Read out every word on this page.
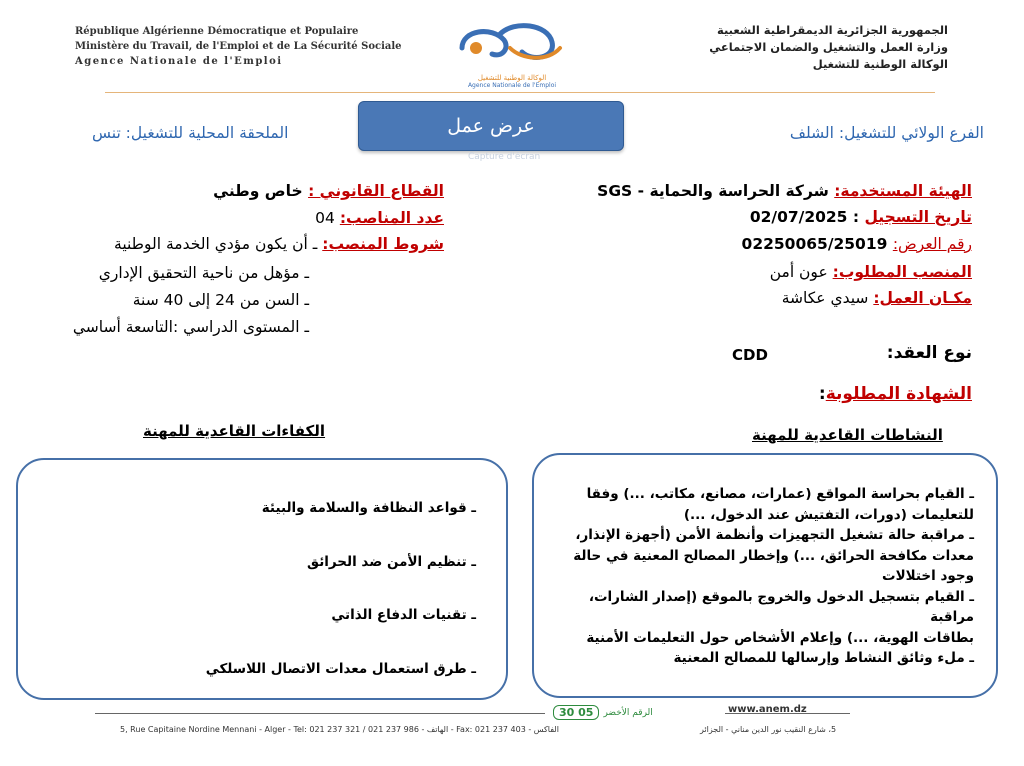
République Algérienne Démocratique et Populaire
Ministère du Travail, de l'Emploi et de La Sécurité Sociale
Agence Nationale de l'Emploi
الوكالة الوطنية للتشغيل
Agence Nationale de l'Emploi
الجمهورية الجزائرية الديمقراطية الشعبية
وزارة العمل والتشغيل والضمان الاجتماعي
الوكالة الوطنية للتشغيل
عرض عمل
Capture d'écran
الفرع الولائي للتشغيل: الشلف
الملحقة المحلية للتشغيل: تنس
الهيئة المستخدمة: شركة الحراسة والحماية - SGS
تاريخ التسجيل : 02/07/2025
رقم العرض: 02250065/25019
المنصب المطلوب: عون أمن
مكـان العمل: سيدي عكاشة
القطاع القانوني : خاص وطني
عدد المناصب: 04
شروط المنصب: ـ أن يكون مؤدي الخدمة الوطنية
ـ مؤهل من ناحية التحقيق الإداري
ـ السن من 24 إلى 40 سنة
ـ المستوى الدراسي :التاسعة أساسي
نوع العقد:
CDD
الشهادة المطلوبة:
النشاطات القاعدية للمهنة
الكفاءات القاعدية للمهنة
ـ القيام بحراسة المواقع (عمارات، مصانع، مكاتب، ...) وفقا
للتعليمات (دورات، التفتيش عند الدخول، ...)
ـ مراقبة حالة تشغيل التجهيزات وأنظمة الأمن (أجهزة الإنذار،
معدات مكافحة الحرائق، ...) وإخطار المصالح المعنية في حالة
وجود اختلالات
ـ القيام بتسجيل الدخول والخروج بالموقع (إصدار الشارات، مراقبة
بطاقات الهوية، ...) وإعلام الأشخاص حول التعليمات الأمنية
ـ ملء وثائق النشاط وإرسالها للمصالح المعنية
ـ قواعد النظافة والسلامة والبيئة
ـ تنظيم الأمن ضد الحرائق
ـ تقنيات الدفاع الذاتي
ـ طرق استعمال معدات الاتصال اللاسلكي
30 05	الرقم الأخضر	www.anem.dz
5, Rue Capitaine Nordine Mennani - Alger - Tel: 021 237 321 / 021 237 986 - الهاتف - Fax: 021 237 403 - الفاكس	5، شارع النقيب نور الدين مناني - الجزائر
